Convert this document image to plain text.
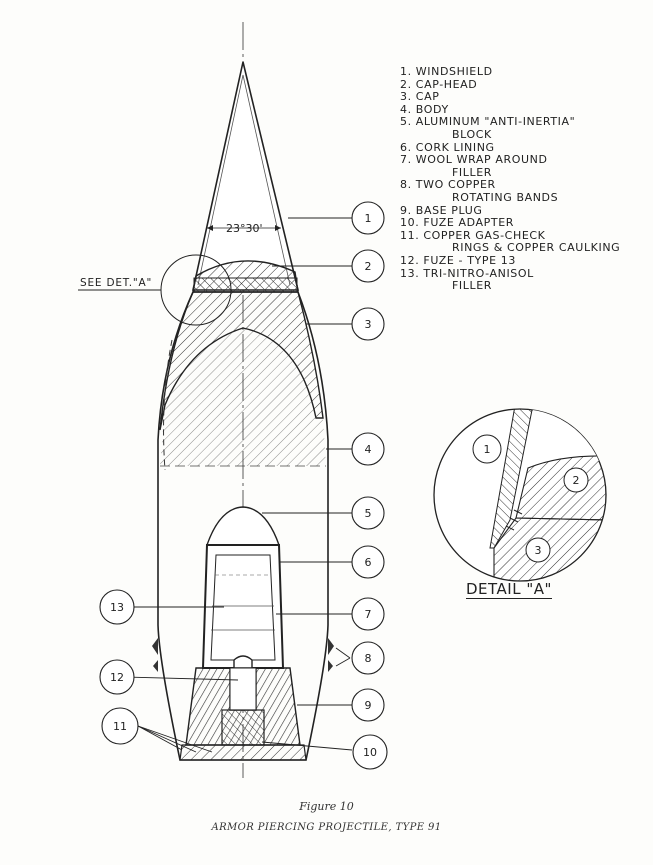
23°30'
SEE DET."A"
1
2
3
4
5
6
7
8
9
10
11
12
13
1
2
3
1. WINDSHIELD
2. CAP-HEAD
3. CAP
4. BODY
5. ALUMINUM "ANTI-INERTIA"
BLOCK
6. CORK LINING
7. WOOL WRAP AROUND
FILLER
8. TWO COPPER
ROTATING BANDS
9. BASE PLUG
10. FUZE ADAPTER
11. COPPER GAS-CHECK
RINGS & COPPER CAULKING
12. FUZE - TYPE 13
13. TRI-NITRO-ANISOL
FILLER
DETAIL "A"
Figure 10
ARMOR PIERCING PROJECTILE, TYPE 91
